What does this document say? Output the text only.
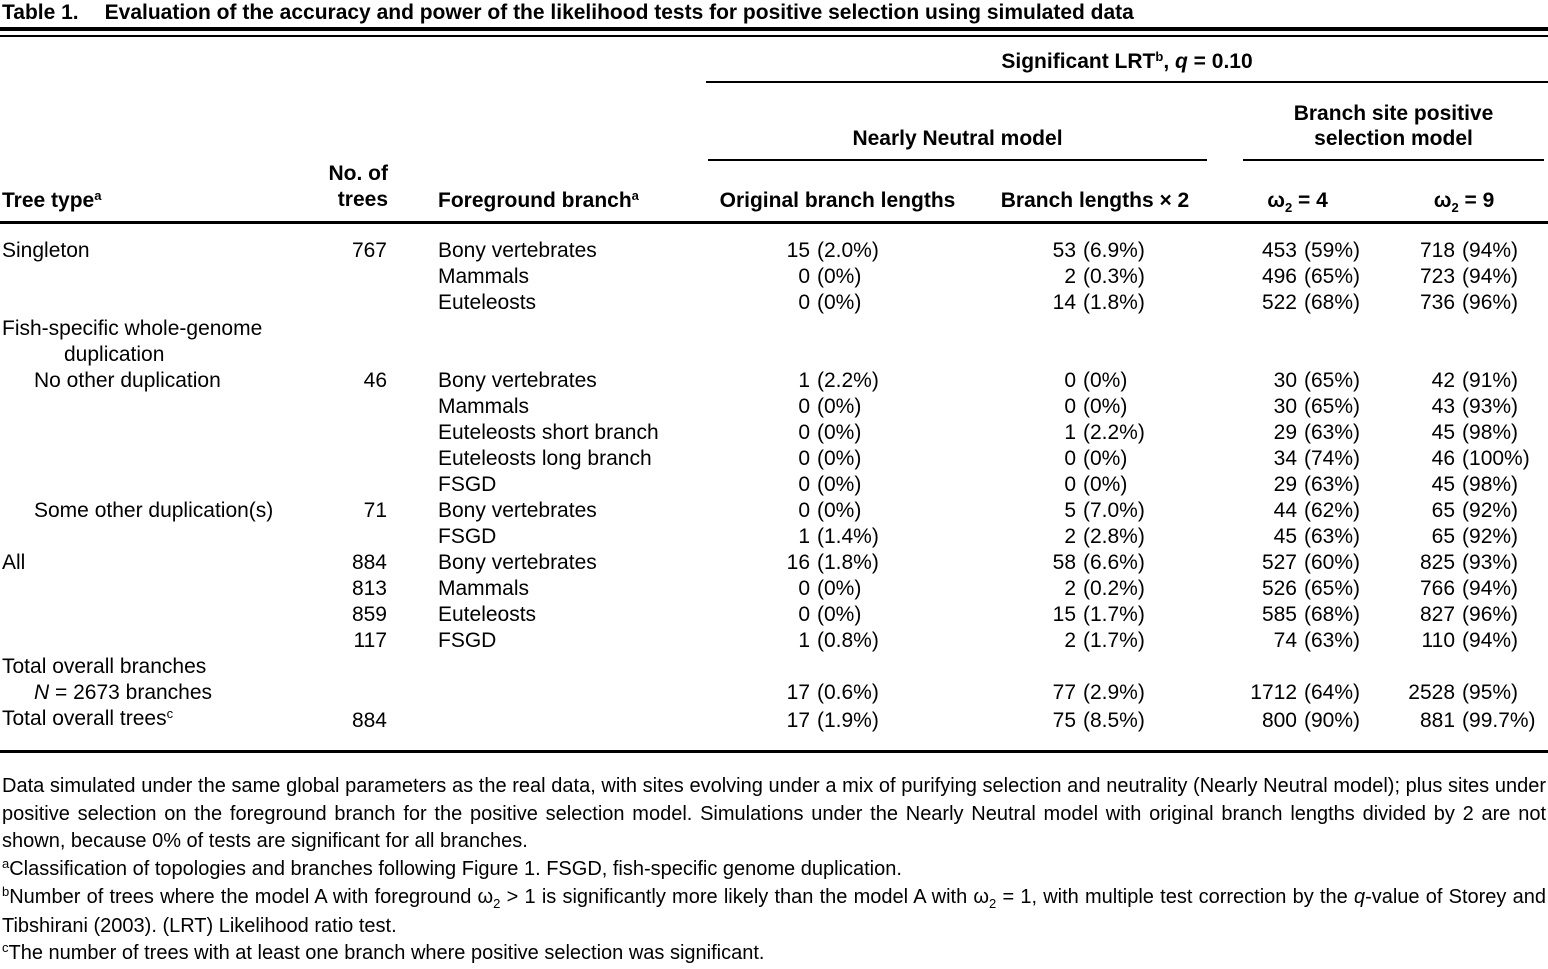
Table 1. Evaluation of the accuracy and power of the likelihood tests for positive selection using simulated data

			Significant LRT$^b$, q = 0.10			

			Nearly Neutral model		Branch site positive selection model	

Tree type$^a$	No. of trees	Foreground branch$^a$	Original branch lengths	Branch lengths × 2	$\omega_2 = 4$	$\omega_2 = 9$
Singleton	767	Bony vertebrates	15 (2.0%)	53 (6.9%)	453 (59%)	718 (94%)

		Mammals	0 (0%)	2 (0.3%)	496 (65%)	723 (94%)

		Euteleosts	0 (0%)	14 (1.8%)	522 (68%)	736 (96%)

Fish-specific whole-genome						
duplication						
No other duplication	46	Bony vertebrates	1 (2.2%)	0 (0%)	30 (65%)	42 (91%)

		Mammals	0 (0%)	0 (0%)	30 (65%)	43 (93%)

		Euteleosts short branch	0 (0%)	1 (2.2%)	29 (63%)	45 (98%)

		Euteleosts long branch	0 (0%)	0 (0%)	34 (74%)	46 (100%)

		FSGD	0 (0%)	0 (0%)	29 (63%)	45 (98%)

Some other duplication(s)	71	Bony vertebrates	0 (0%)	5 (7.0%)	44 (62%)	65 (92%)

		FSGD	1 (1.4%)	2 (2.8%)	45 (63%)	65 (92%)

All	884	Bony vertebrates	16 (1.8%)	58 (6.6%)	527 (60%)	825 (93%)

	813	Mammals	0 (0%)	2 (0.2%)	526 (65%)	766 (94%)

	859	Euteleosts	0 (0%)	15 (1.7%)	585 (68%)	827 (96%)

	117	FSGD	1 (0.8%)	2 (1.7%)	74 (63%)	110 (94%)

Total overall branches						
N = 2673 branches			17 (0.6%)	77 (2.9%)	1712 (64%)	2528 (95%)

Total overall trees$^c$	884		17 (1.9%)	75 (8.5%)	800 (90%)	881 (99.7%)

Data simulated under the same global parameters as the real data, with sites evolving under a mix of purifying selection and neutrality (Nearly Neutral model); plus sites under positive selection on the foreground branch for the positive selection model. Simulations under the Nearly Neutral model with original branch lengths divided by 2 are not shown, because 0% of tests are significant for all branches.

$^a$Classification of topologies and branches following Figure 1. FSGD, fish-specific genome duplication.

$^b$Number of trees where the model A with foreground $\omega_2 > 1$ is significantly more likely than the model A with $\omega_2 = 1$, with multiple test correction by the q-value of Storey and Tibshirani (2003). (LRT) Likelihood ratio test.

$^c$The number of trees with at least one branch where positive selection was significant.
